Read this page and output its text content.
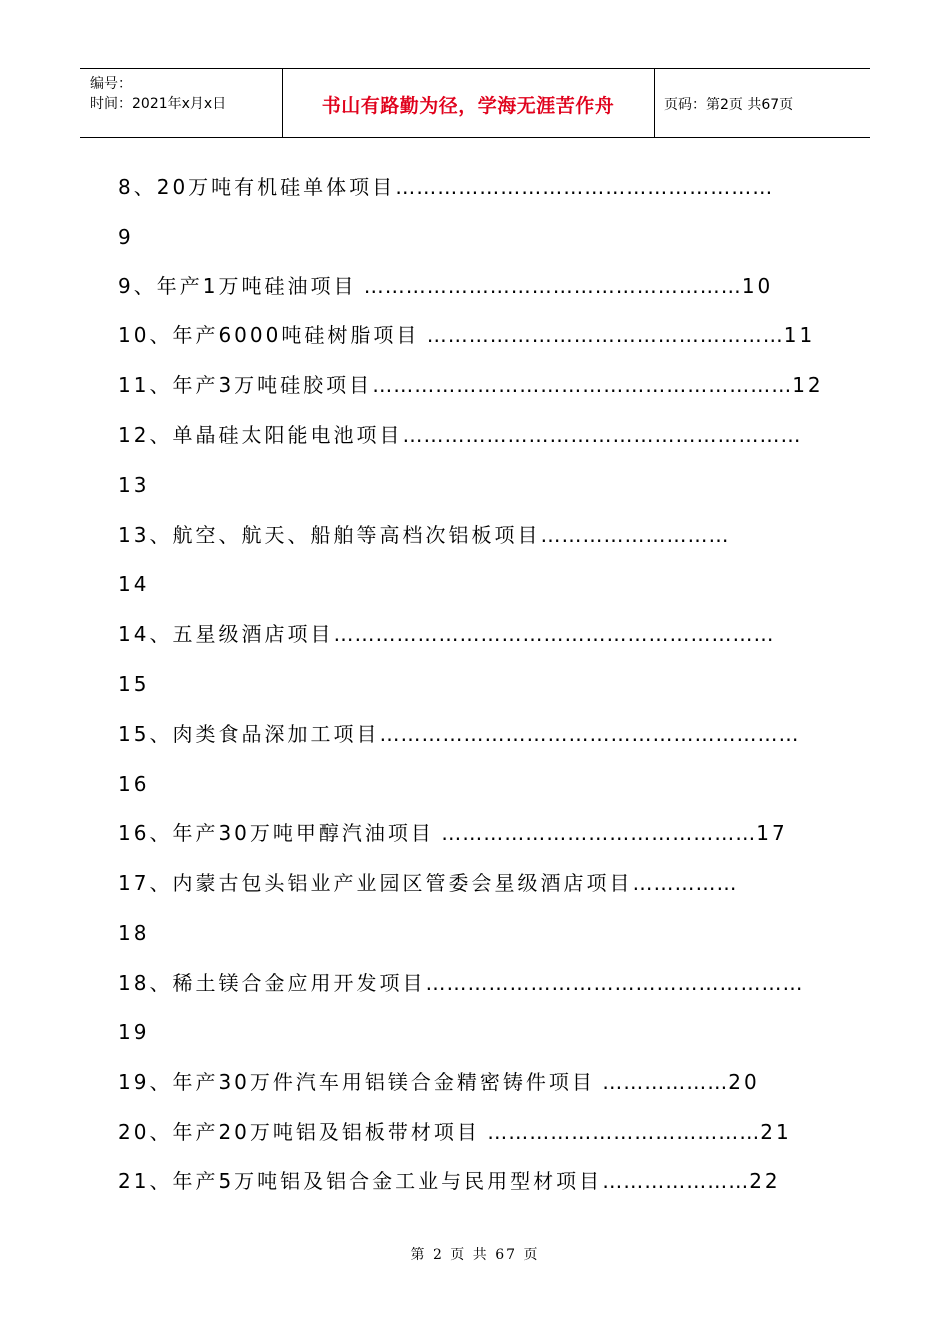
编号：
时间：2021年x月x日	书山有路勤为径，学海无涯苦作舟	页码：第2页 共67页
8、20万吨有机硅单体项目………………………………………………
9
9、年产1万吨硅油项目 ………………………………………………10
10、年产6000吨硅树脂项目 ……………………………………………11
11、年产3万吨硅胶项目……………………………………………………12
12、单晶硅太阳能电池项目…………………………………………………
13
13、航空、航天、船舶等高档次铝板项目………………………
14
14、五星级酒店项目………………………………………………………
15
15、肉类食品深加工项目……………………………………………………
16
16、年产30万吨甲醇汽油项目 ………………………………………17
17、内蒙古包头铝业产业园区管委会星级酒店项目……………
18
18、稀土镁合金应用开发项目………………………………………………
19
19、年产30万件汽车用铝镁合金精密铸件项目 ………………20
20、年产20万吨铝及铝板带材项目 …………………………………21
21、年产5万吨铝及铝合金工业与民用型材项目…………………22
第 2 页 共 67 页
